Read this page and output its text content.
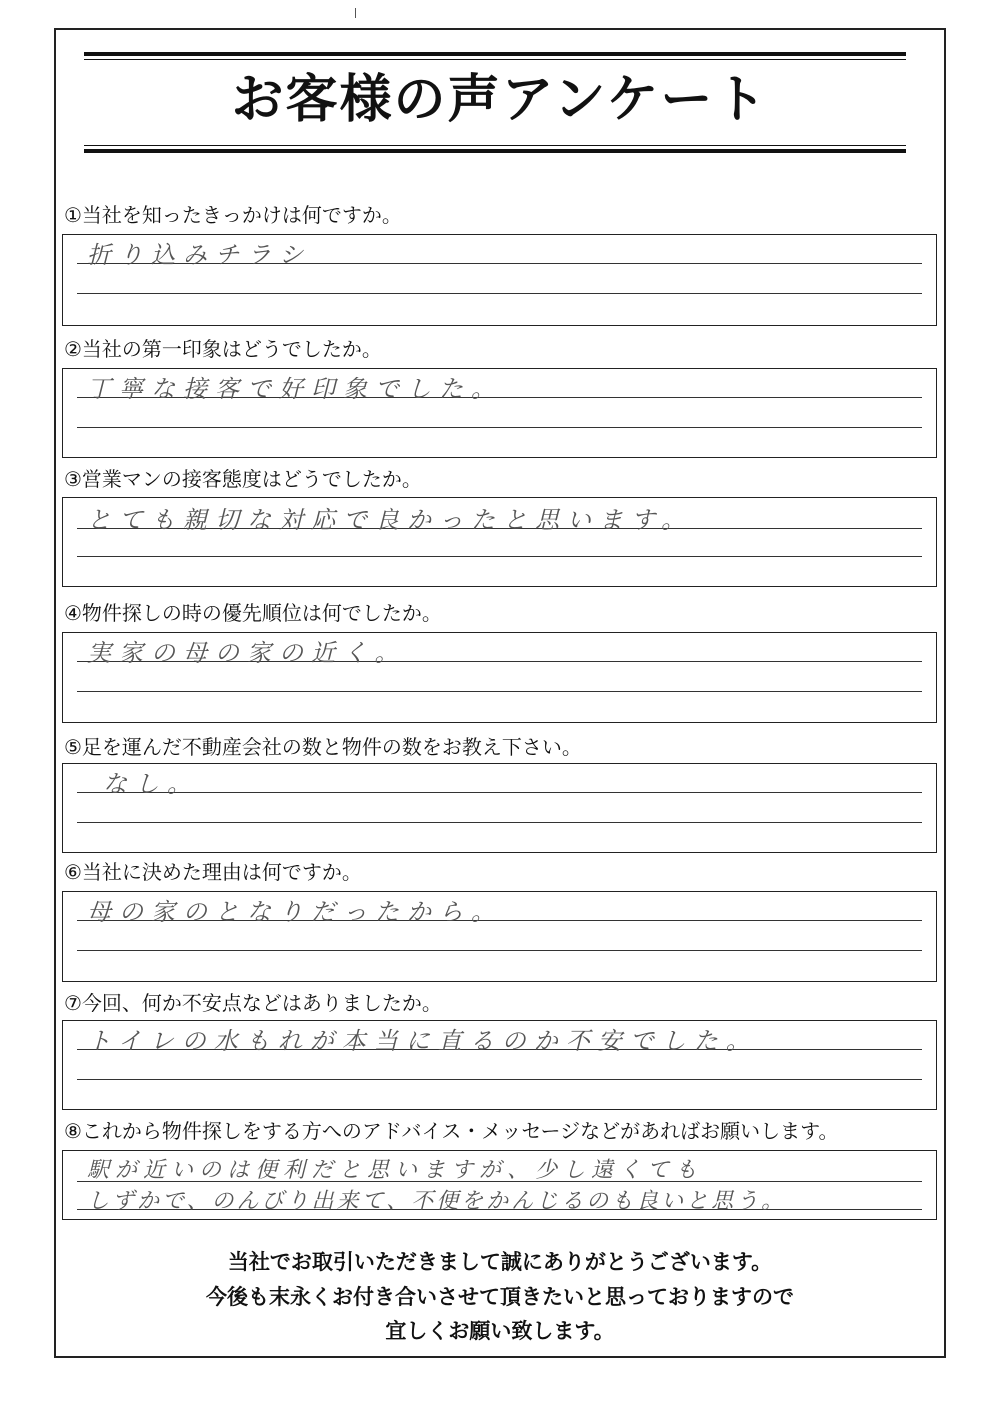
お客様の声アンケート
①当社を知ったきっかけは何ですか。
折り込みチラシ
②当社の第一印象はどうでしたか。
丁寧な接客で好印象でした。
③営業マンの接客態度はどうでしたか。
とても親切な対応で良かったと思います。
④物件探しの時の優先順位は何でしたか。
実家の母の家の近く。
⑤足を運んだ不動産会社の数と物件の数をお教え下さい。
なし。
⑥当社に決めた理由は何ですか。
母の家のとなりだったから。
⑦今回、何か不安点などはありましたか。
トイレの水もれが本当に直るのか不安でした。
⑧これから物件探しをする方へのアドバイス・メッセージなどがあればお願いします。
駅が近いのは便利だと思いますが、少し遠くても
しずかで、のんびり出来て、不便をかんじるのも良いと思う。
当社でお取引いただきまして誠にありがとうございます。
今後も末永くお付き合いさせて頂きたいと思っておりますので
宜しくお願い致します。
